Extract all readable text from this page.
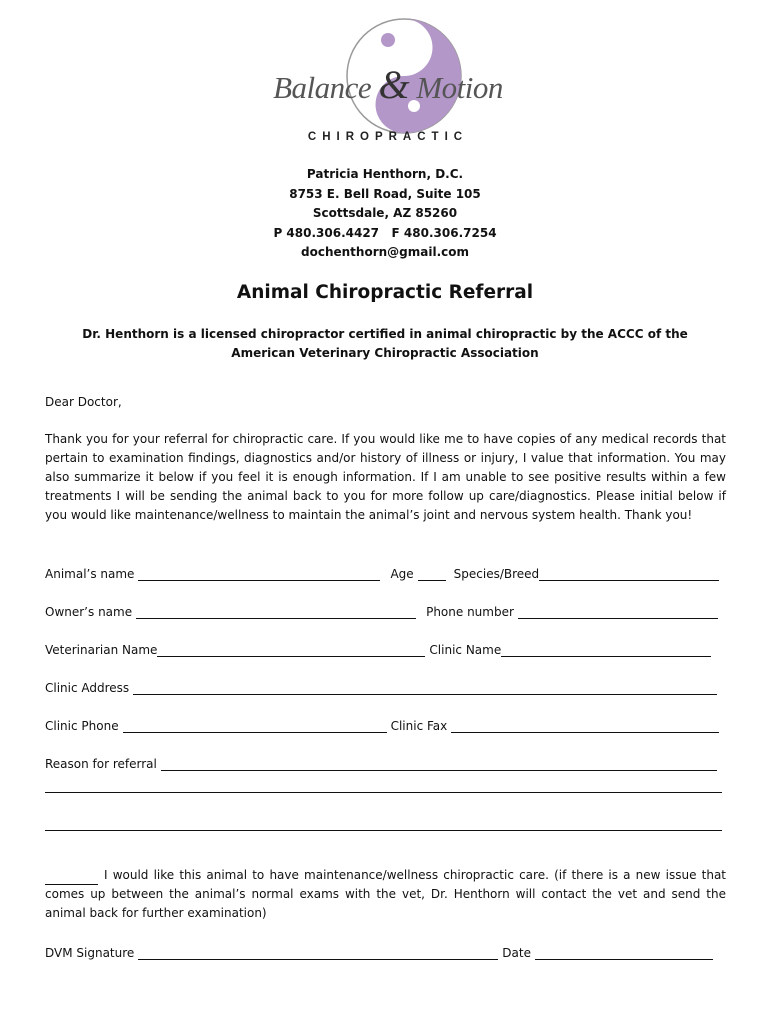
Balance & Motion
CHIROPRACTIC
Patricia Henthorn, D.C.
8753 E. Bell Road, Suite 105
Scottsdale, AZ 85260
P 480.306.4427   F 480.306.7254
dochenthorn@gmail.com
Animal Chiropractic Referral
Dr. Henthorn is a licensed chiropractor certified in animal chiropractic by the ACCC of the American Veterinary Chiropractic Association
Dear Doctor,
Thank you for your referral for chiropractic care. If you would like me to have copies of any medical records that pertain to examination findings, diagnostics and/or history of illness or injury, I value that information. You may also summarize it below if you feel it is enough information. If I am unable to see positive results within a few treatments I will be sending the animal back to you for more follow up care/diagnostics. Please initial below if you would like maintenance/wellness to maintain the animal’s joint and nervous system health. Thank you!
Animal’s name	Age	Species/Breed
Owner’s name	Phone number
Veterinarian Name	Clinic Name
Clinic Address
Clinic Phone	Clinic Fax
Reason for referral
I would like this animal to have maintenance/wellness chiropractic care. (if there is a new issue that comes up between the animal’s normal exams with the vet, Dr. Henthorn will contact the vet and send the animal back for further examination)
DVM Signature	Date
